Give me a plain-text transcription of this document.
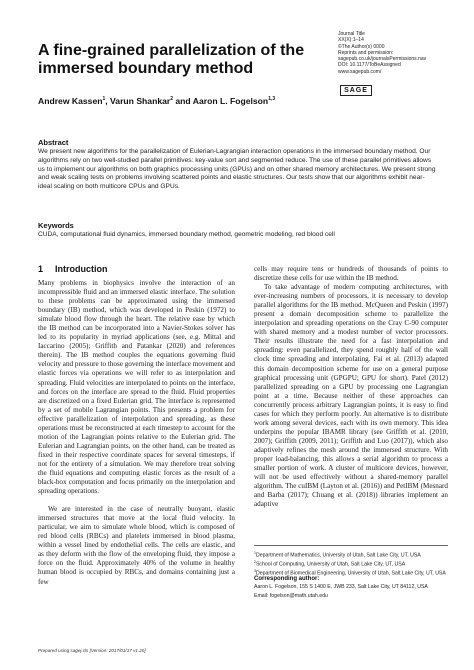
A fine-grained parallelization of the immersed boundary method
Journal Title
XX(X):1–14
©The Author(s) 0000
Reprints and permission:
sagepub.co.uk/journalsPermissions.nav
DOI: 10.1177/ToBeAssigned
www.sagepub.com/
SAGE
Andrew Kassen$^1$, Varun Shankar$^2$ and Aaron L. Fogelson$^{1,3}$
Abstract
We present new algorithms for the parallelization of Eulerian-Lagrangian interaction operations in the immersed boundary method. Our algorithms rely on two well-studied parallel primitives: key-value sort and segmented reduce. The use of these parallel primitives allows us to implement our algorithms on both graphics processing units (GPUs) and on other shared memory architectures. We present strong and weak scaling tests on problems involving scattered points and elastic structures. Our tests show that our algorithms exhibit near-ideal scaling on both multicore CPUs and GPUs.
Keywords
CUDA, computational fluid dynamics, immersed boundary method, geometric modeling, red blood cell
1 Introduction

Many problems in biophysics involve the interaction of an incompressible fluid and an immersed elastic interface. The solution to these problems can be approximated using the immersed boundary (IB) method, which was developed in Peskin (1972) to simulate blood flow through the heart. The relative ease by which the IB method can be incorporated into a Navier-Stokes solver has led to its popularity in myriad applications (see, e.g. Mittal and Iaccarino (2005); Griffith and Patankar (2020) and references therein). The IB method couples the equations governing fluid velocity and pressure to those governing the interface movement and elastic forces via operations we will refer to as interpolation and spreading. Fluid velocities are interpolated to points on the interface, and forces on the interface are spread to the fluid. Fluid properties are discretized on a fixed Eulerian grid. The interface is represented by a set of mobile Lagrangian points. This presents a problem for effective parallelization of interpolation and spreading, as these operations must be reconstructed at each timestep to account for the motion of the Lagrangian points relative to the Eulerian grid. The Eulerian and Lagrangian points, on the other hand, can be treated as fixed in their respective coordinate spaces for several timesteps, if not for the entirety of a simulation. We may therefore treat solving the fluid equations and computing elastic forces as the result of a black-box computation and focus primarily on the interpolation and spreading operations.

We are interested in the case of neutrally buoyant, elastic immersed structures that move at the local fluid velocity. In particular, we aim to simulate whole blood, which is composed of red blood cells (RBCs) and platelets immersed in blood plasma, within a vessel lined by endothelial cells. The cells are elastic, and as they deform with the flow of the enveloping fluid, they impose a force on the fluid. Approximately 40% of the volume in healthy human blood is occupied by RBCs, and domains containing just a few

cells may require tens or hundreds of thousands of points to discretize these cells for use within the IB method.

To take advantage of modern computing architectures, with ever-increasing numbers of processors, it is necessary to develop parallel algorithms for the IB method. McQueen and Peskin (1997) present a domain decomposition scheme to parallelize the interpolation and spreading operations on the Cray C-90 computer with shared memory and a modest number of vector processors. Their results illustrate the need for a fast interpolation and spreading: even parallelized, they spend roughly half of the wall clock time spreading and interpolating. Fai et al. (2013) adapted this domain decomposition scheme for use on a general purpose graphical processing unit (GPGPU; GPU for short). Patel (2012) parallelized spreading on a GPU by processing one Lagrangian point at a time. Because neither of these approaches can concurrently process arbitrary Lagrangian points, it is easy to find cases for which they perform poorly. An alternative is to distribute work among several devices, each with its own memory. This idea underpins the popular IBAMR library (see Griffith et al. (2010, 2007); Griffith (2009, 2011); Griffith and Luo (2017)), which also adaptively refines the mesh around the immersed structure. With proper load-balancing, this allows a serial algorithm to process a smaller portion of work. A cluster of multicore devices, however, will not be used effectively without a shared-memory parallel algorithm. The cuIBM (Layton et al. (2016)) and PetIBM (Mesnard and Barba (2017); Chuang et al. (2018)) libraries implement an adaptive

$^1$Department of Mathematics, University of Utah, Salt Lake City, UT, USA
$^2$School of Computing, University of Utah, Salt Lake City, UT, USA
$^3$Department of Biomedical Engineering, University of Utah, Salt Lake City, UT, USA
Corresponding author:
Aaron L. Fogelson, 155 S 1400 E, JWB 233, Salt Lake City, UT 84112, USA
Email: fogelson@math.utah.edu
Prepared using sagej.cls [Version: 2017/01/17 v1.20]
